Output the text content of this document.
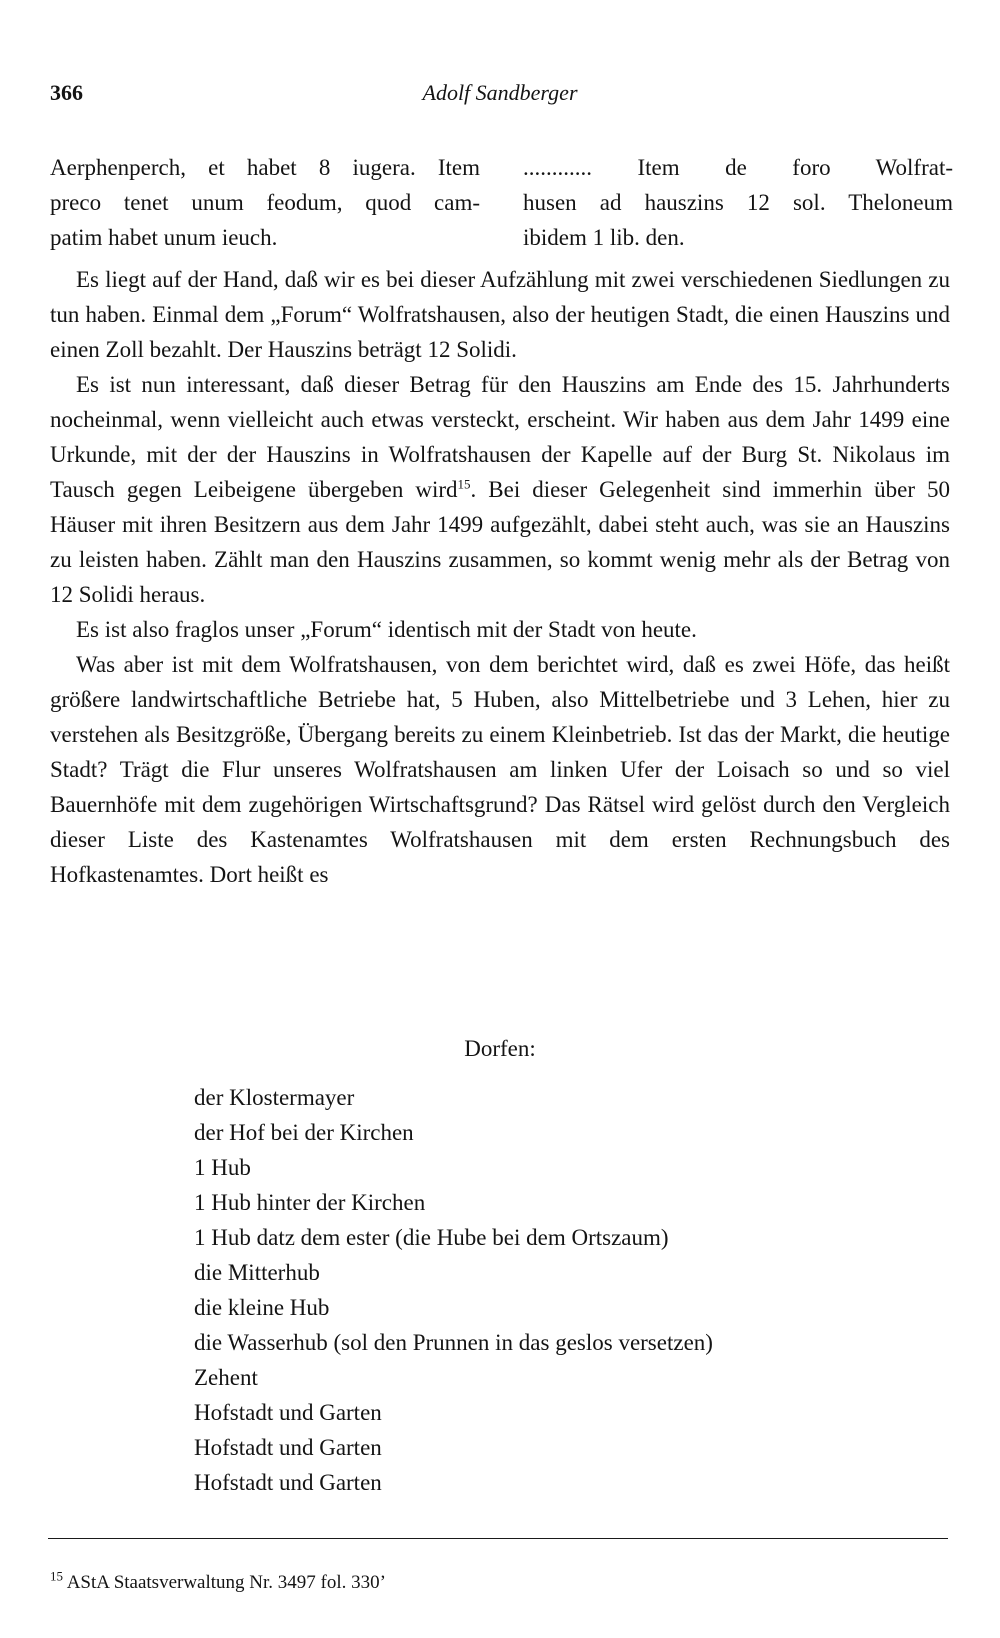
366	Adolf Sandberger
Aerphenperch, et habet 8 iugera. Item
preco tenet unum feodum, quod cam-
patim habet unum ieuch.
............ Item de foro Wolfrat-
husen ad hauszins 12 sol. Theloneum
ibidem 1 lib. den.

Es liegt auf der Hand, daß wir es bei dieser Aufzählung mit zwei verschiedenen Siedlungen zu tun haben. Einmal dem „Forum“ Wolfratshausen, also der heutigen Stadt, die einen Hauszins und einen Zoll bezahlt. Der Hauszins beträgt 12 Solidi.

Es ist nun interessant, daß dieser Betrag für den Hauszins am Ende des 15. Jahrhunderts nocheinmal, wenn vielleicht auch etwas versteckt, erscheint. Wir haben aus dem Jahr 1499 eine Urkunde, mit der der Hauszins in Wolfratshausen der Kapelle auf der Burg St. Nikolaus im Tausch gegen Leibeigene übergeben wird$^{15}$. Bei dieser Gelegenheit sind immerhin über 50 Häuser mit ihren Besitzern aus dem Jahr 1499 aufgezählt, dabei steht auch, was sie an Hauszins zu leisten haben. Zählt man den Hauszins zusammen, so kommt wenig mehr als der Betrag von 12 Solidi heraus.

Es ist also fraglos unser „Forum“ identisch mit der Stadt von heute.

Was aber ist mit dem Wolfratshausen, von dem berichtet wird, daß es zwei Höfe, das heißt größere landwirtschaftliche Betriebe hat, 5 Huben, also Mittelbetriebe und 3 Lehen, hier zu verstehen als Besitzgröße, Übergang bereits zu einem Kleinbetrieb. Ist das der Markt, die heutige Stadt? Trägt die Flur unseres Wolfratshausen am linken Ufer der Loisach so und so viel Bauernhöfe mit dem zugehörigen Wirtschaftsgrund? Das Rätsel wird gelöst durch den Vergleich dieser Liste des Kastenamtes Wolfratshausen mit dem ersten Rechnungsbuch des Hofkastenamtes. Dort heißt es

Dorfen:
der Klostermayer
der Hof bei der Kirchen
1 Hub
1 Hub hinter der Kirchen
1 Hub datz dem ester (die Hube bei dem Ortszaum)
die Mitterhub
die kleine Hub
die Wasserhub (sol den Prunnen in das geslos versetzen)
Zehent
Hofstadt und Garten
Hofstadt und Garten
Hofstadt und Garten
$^{15}$ AStA Staatsverwaltung Nr. 3497 fol. 330’
